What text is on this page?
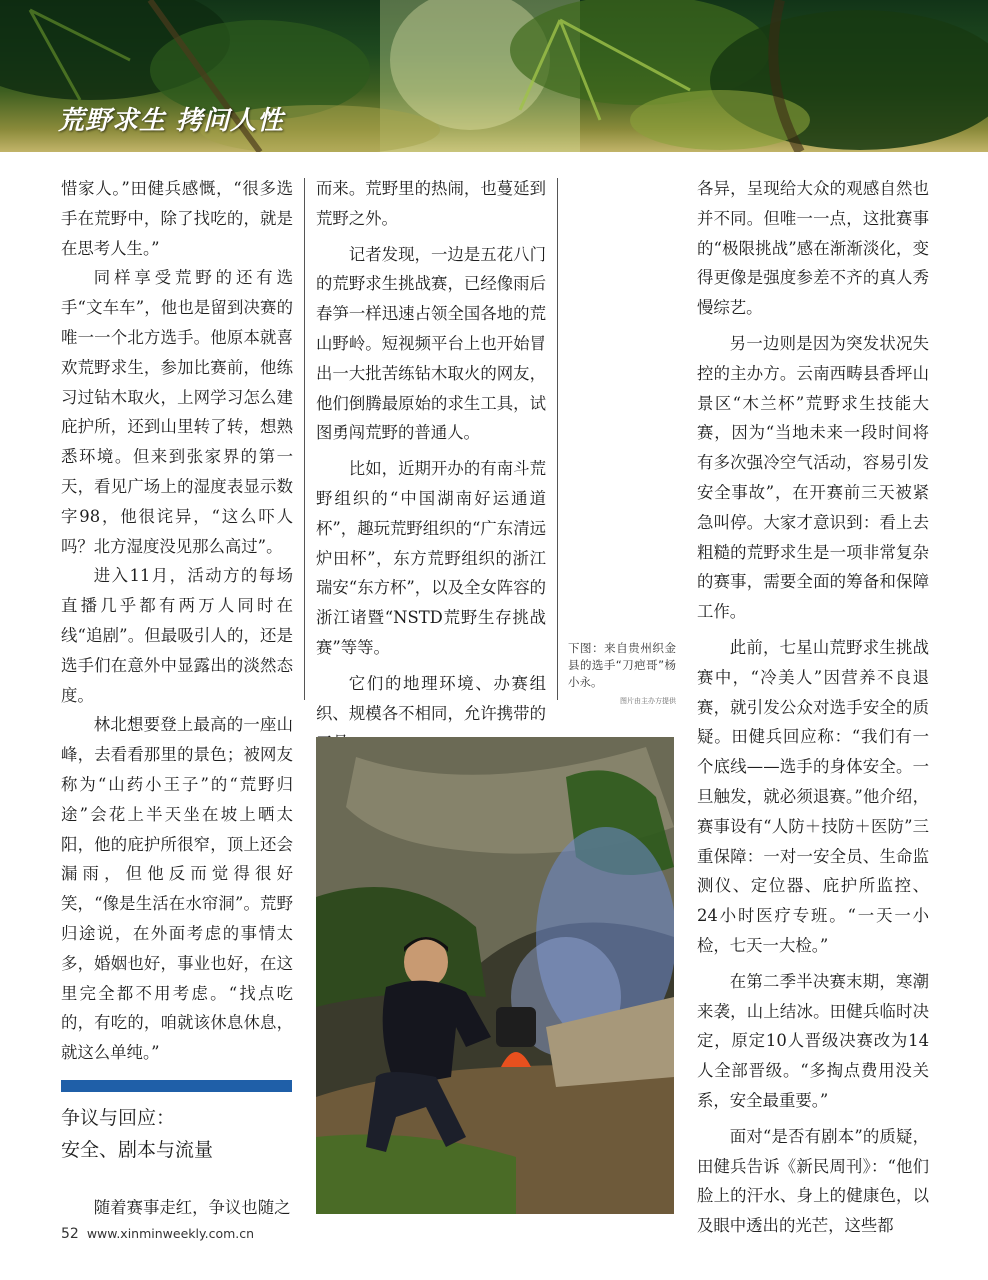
荒野求生 拷问人性

惜家人。”田健兵感慨，“很多选手在荒野中，除了找吃的，就是在思考人生。”

同样享受荒野的还有选手“文车车”，他也是留到决赛的唯一一个北方选手。他原本就喜欢荒野求生，参加比赛前，他练习过钻木取火，上网学习怎么建庇护所，还到山里转了转，想熟悉环境。但来到张家界的第一天，看见广场上的湿度表显示数字98，他很诧异，“这么吓人吗？北方湿度没见那么高过”。

进入11月，活动方的每场直播几乎都有两万人同时在线“追剧”。但最吸引人的，还是选手们在意外中显露出的淡然态度。

林北想要登上最高的一座山峰，去看看那里的景色；被网友称为“山药小王子”的“荒野归途”会花上半天坐在坡上晒太阳，他的庇护所很窄，顶上还会漏雨，但他反而觉得很好笑，“像是生活在水帘洞”。荒野归途说，在外面考虑的事情太多，婚姻也好，事业也好，在这里完全都不用考虑。“找点吃的，有吃的，咱就该休息休息，就这么单纯。”

争议与回应：
安全、剧本与流量

随着赛事走红，争议也随之

而来。荒野里的热闹，也蔓延到荒野之外。

记者发现，一边是五花八门的荒野求生挑战赛，已经像雨后春笋一样迅速占领全国各地的荒山野岭。短视频平台上也开始冒出一大批苦练钻木取火的网友，他们倒腾最原始的求生工具，试图勇闯荒野的普通人。

比如，近期开办的有南斗荒野组织的“中国湖南好运通道杯”，趣玩荒野组织的“广东清远炉田杯”，东方荒野组织的浙江瑞安“东方杯”，以及全女阵容的浙江诸暨“NSTD荒野生存挑战赛”等等。

它们的地理环境、办赛组织、规模各不相同，允许携带的

下图：来自贵州织金县的选手“刀疤哥”杨小永。
图片由主办方提供

各异，呈现给大众的观感自然也并不同。但唯一一点，这批赛事的“极限挑战”感在渐渐淡化，变得更像是强度参差不齐的真人秀慢综艺。

另一边则是因为突发状况失控的主办方。云南西畴县香坪山景区“木兰杯”荒野求生技能大赛，因为“当地未来一段时间将有多次强冷空气活动，容易引发安全事故”，在开赛前三天被紧急叫停。大家才意识到：看上去粗糙的荒野求生是一项非常复杂的赛事，需要全面的筹备和保障工作。

此前，七星山荒野求生挑战赛中，“冷美人”因营养不良退赛，就引发公众对选手安全的质疑。田健兵回应称：“我们有一个底线——选手的身体安全。一旦触发，就必须退赛。”他介绍，赛事设有“人防＋技防＋医防”三重保障：一对一安全员、生命监测仪、定位器、庇护所监控、24小时医疗专班。“一天一小检，七天一大检。”

在第二季半决赛末期，寒潮来袭，山上结冰。田健兵临时决定，原定10人晋级决赛改为14人全部晋级。“多掏点费用没关系，安全最重要。”

面对“是否有剧本”的质疑，田健兵告诉《新民周刊》：“他们脸上的汗水、身上的健康色，以及眼中透出的光芒，这些都

52 www.xinminweekly.com.cn
